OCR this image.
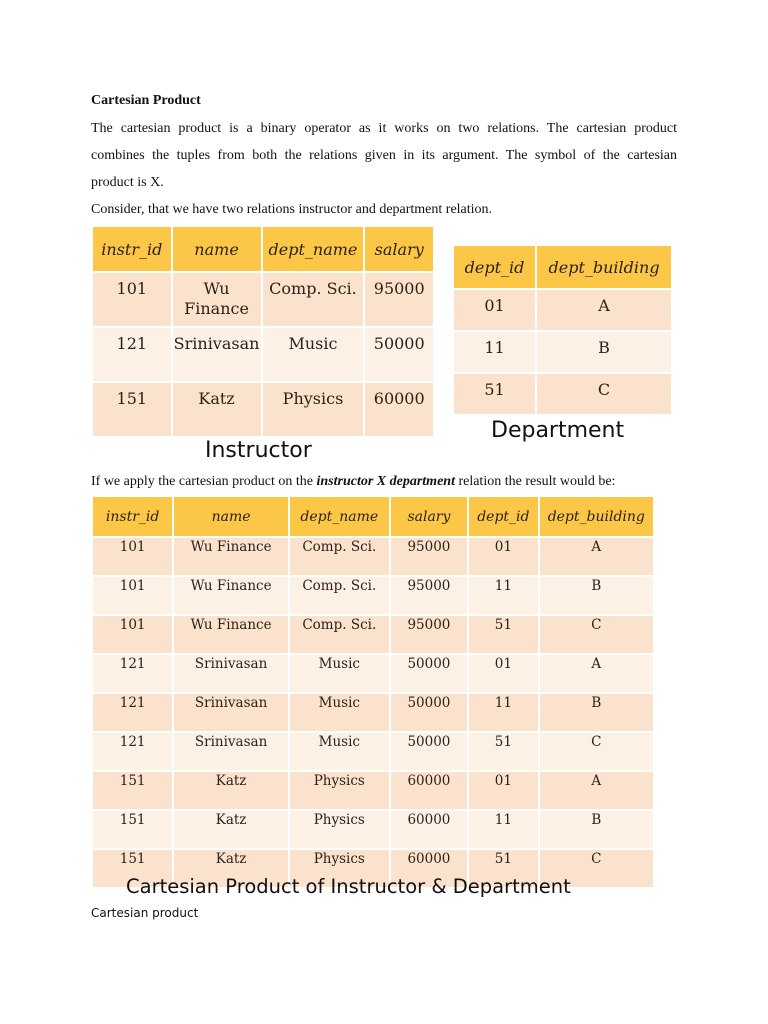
Cartesian Product
The cartesian product is a binary operator as it works on two relations. The cartesian product
combines the tuples from both the relations given in its argument. The symbol of the cartesian
product is X.
Consider, that we have two relations instructor and department relation.
instr_id	name	dept_name	salary
101	Wu Finance	Comp. Sci.	95000
121	Srinivasan	Music	50000
151	Katz	Physics	60000
dept_id	dept_building
01	A
11	B
51	C
Instructor
Department
If we apply the cartesian product on the instructor X department relation the result would be:
instr_id	name	dept_name	salary	dept_id	dept_building
101	Wu Finance	Comp. Sci.	95000	01	A
101	Wu Finance	Comp. Sci.	95000	11	B
101	Wu Finance	Comp. Sci.	95000	51	C
121	Srinivasan	Music	50000	01	A
121	Srinivasan	Music	50000	11	B
121	Srinivasan	Music	50000	51	C
151	Katz	Physics	60000	01	A
151	Katz	Physics	60000	11	B
151	Katz	Physics	60000	51	C
Cartesian Product of Instructor & Department
Cartesian product
